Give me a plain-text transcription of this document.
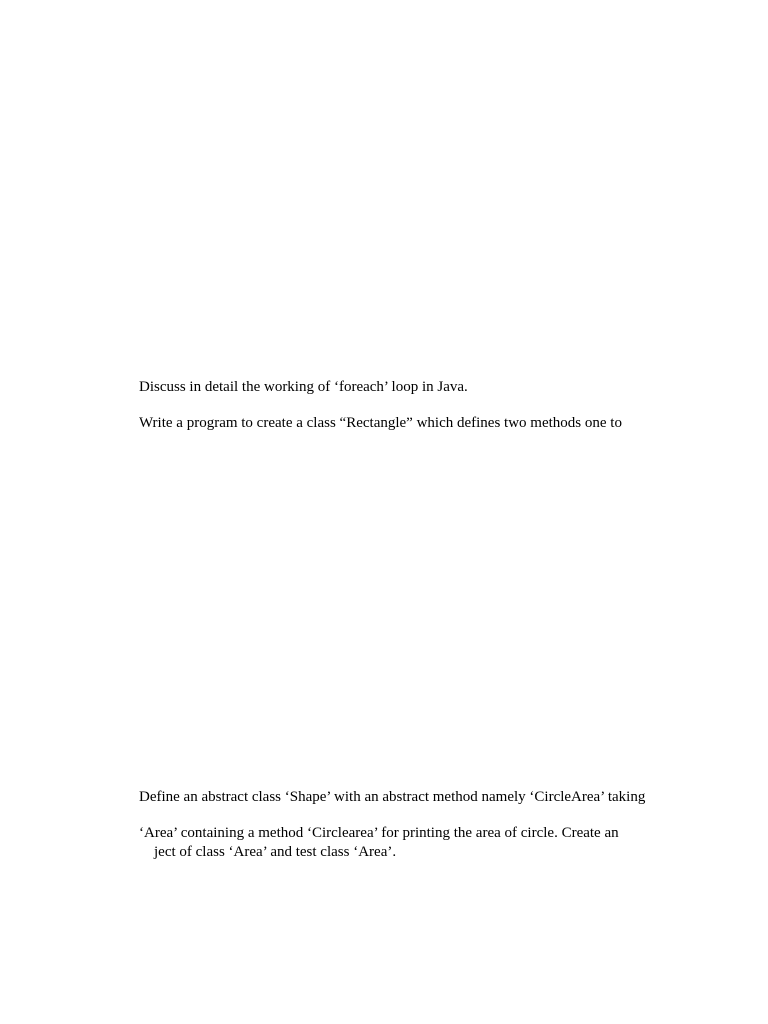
Discuss in detail the working of ‘foreach’ loop in Java.
Write a program to create a class “Rectangle” which defines two methods one to
Define an abstract class ‘Shape’ with an abstract method namely ‘CircleArea’ taking
‘Area’ containing a method ‘Circlearea’ for printing the area of circle. Create an
ject of class ‘Area’ and test class ‘Area’.
